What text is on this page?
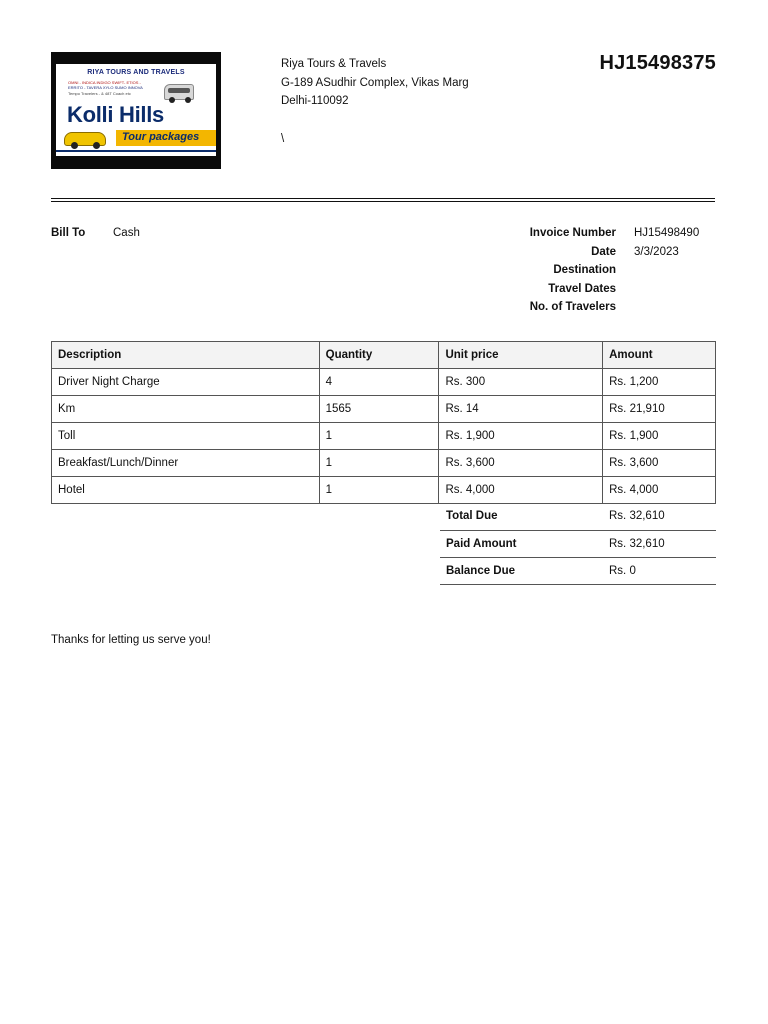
RIYA TOURS AND TRAVELS
OMNI - INDICA INDIGO SWIFT- ETIOS -
ERRITO - TAVERA XYLO SUMO INNOVA
Tempo Travelers - & 48T Coach etc
Kolli Hills
Tour packages
Riya Tours & Travels
G-189 ASudhir Complex, Vikas Marg
Delhi-110092
\
HJ15498375
Bill To Cash	Invoice Number	HJ15498490
Date	3/3/2023
Destination
Travel Dates
No. of Travelers
Description	Quantity	Unit price	Amount
Driver Night Charge	4	Rs. 300	Rs. 1,200
Km	1565	Rs. 14	Rs. 21,910
Toll	1	Rs. 1,900	Rs. 1,900
Breakfast/Lunch/Dinner	1	Rs. 3,600	Rs. 3,600
Hotel	1	Rs. 4,000	Rs. 4,000
Total Due	Rs. 32,610
Paid Amount	Rs. 32,610
Balance Due	Rs. 0
Thanks for letting us serve you!
